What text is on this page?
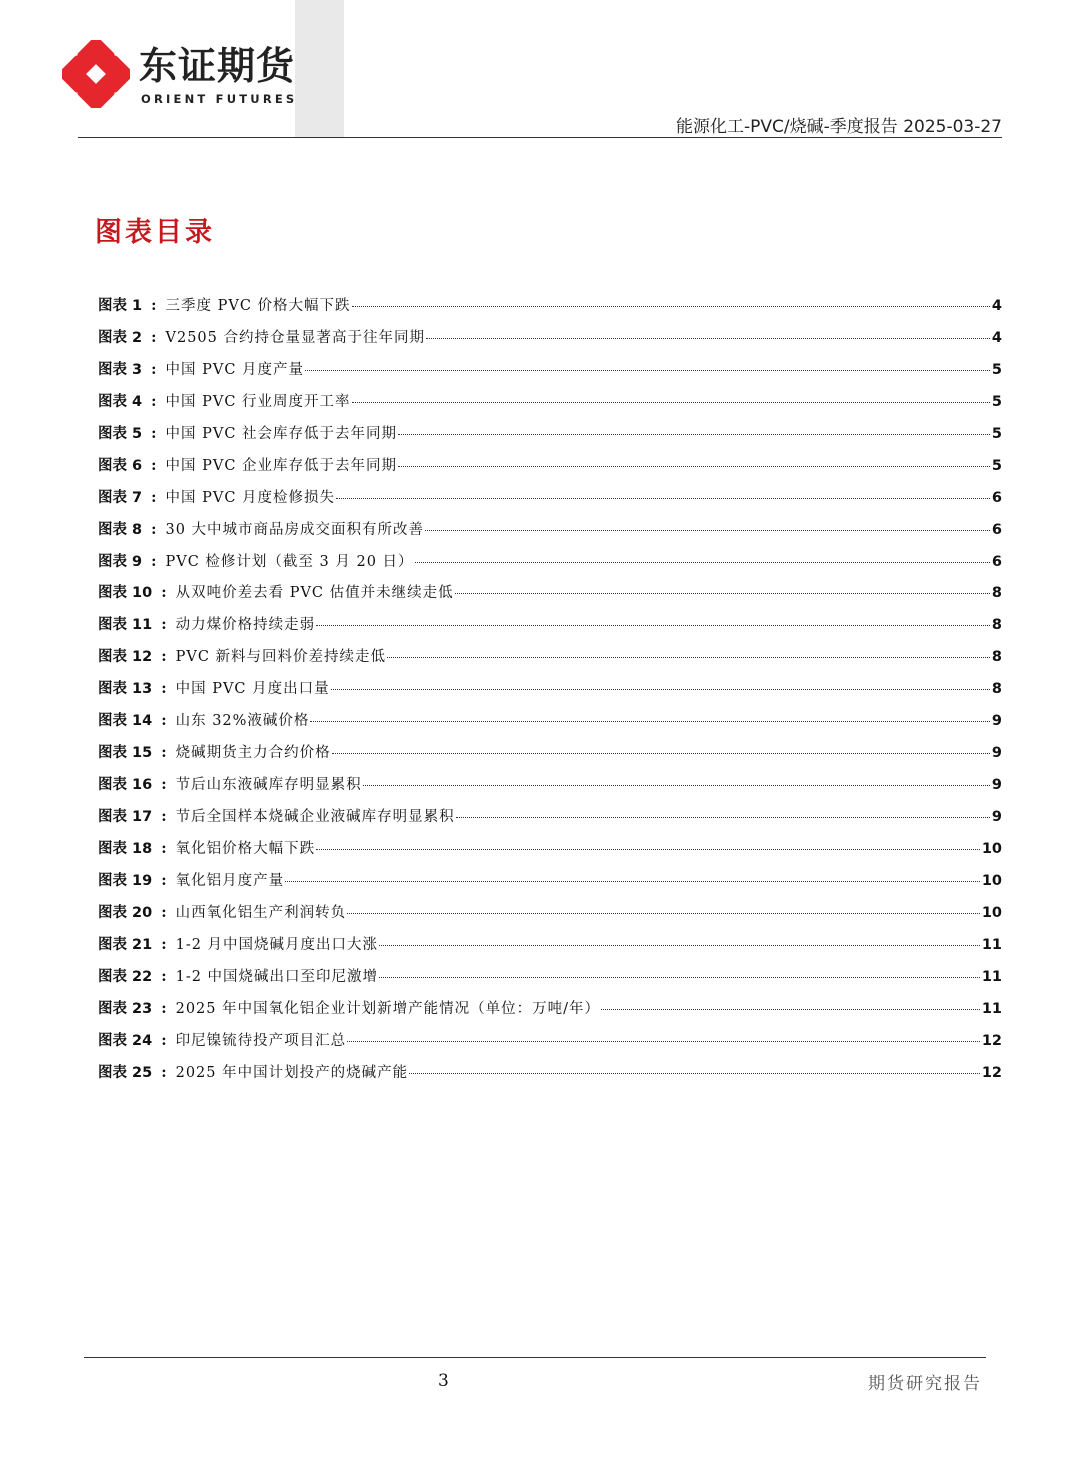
东证期货
ORIENT FUTURES
能源化工-PVC/烧碱-季度报告 2025-03-27
图表目录
图表 1 : 三季度 PVC 价格大幅下跌	4
图表 2 : V2505 合约持仓量显著高于往年同期	4
图表 3 : 中国 PVC 月度产量	5
图表 4 : 中国 PVC 行业周度开工率	5
图表 5 : 中国 PVC 社会库存低于去年同期	5
图表 6 : 中国 PVC 企业库存低于去年同期	5
图表 7 : 中国 PVC 月度检修损失	6
图表 8 : 30 大中城市商品房成交面积有所改善	6
图表 9 : PVC 检修计划（截至 3 月 20 日）	6
图表 10 : 从双吨价差去看 PVC 估值并未继续走低	8
图表 11 : 动力煤价格持续走弱	8
图表 12 : PVC 新料与回料价差持续走低	8
图表 13 : 中国 PVC 月度出口量	8
图表 14 : 山东 32%液碱价格	9
图表 15 : 烧碱期货主力合约价格	9
图表 16 : 节后山东液碱库存明显累积	9
图表 17 : 节后全国样本烧碱企业液碱库存明显累积	9
图表 18 : 氧化铝价格大幅下跌	10
图表 19 : 氧化铝月度产量	10
图表 20 : 山西氧化铝生产利润转负	10
图表 21 : 1-2 月中国烧碱月度出口大涨	11
图表 22 : 1-2 中国烧碱出口至印尼激增	11
图表 23 : 2025 年中国氧化铝企业计划新增产能情况（单位：万吨/年）	11
图表 24 : 印尼镍锍待投产项目汇总	12
图表 25 : 2025 年中国计划投产的烧碱产能	12
3	期货研究报告
